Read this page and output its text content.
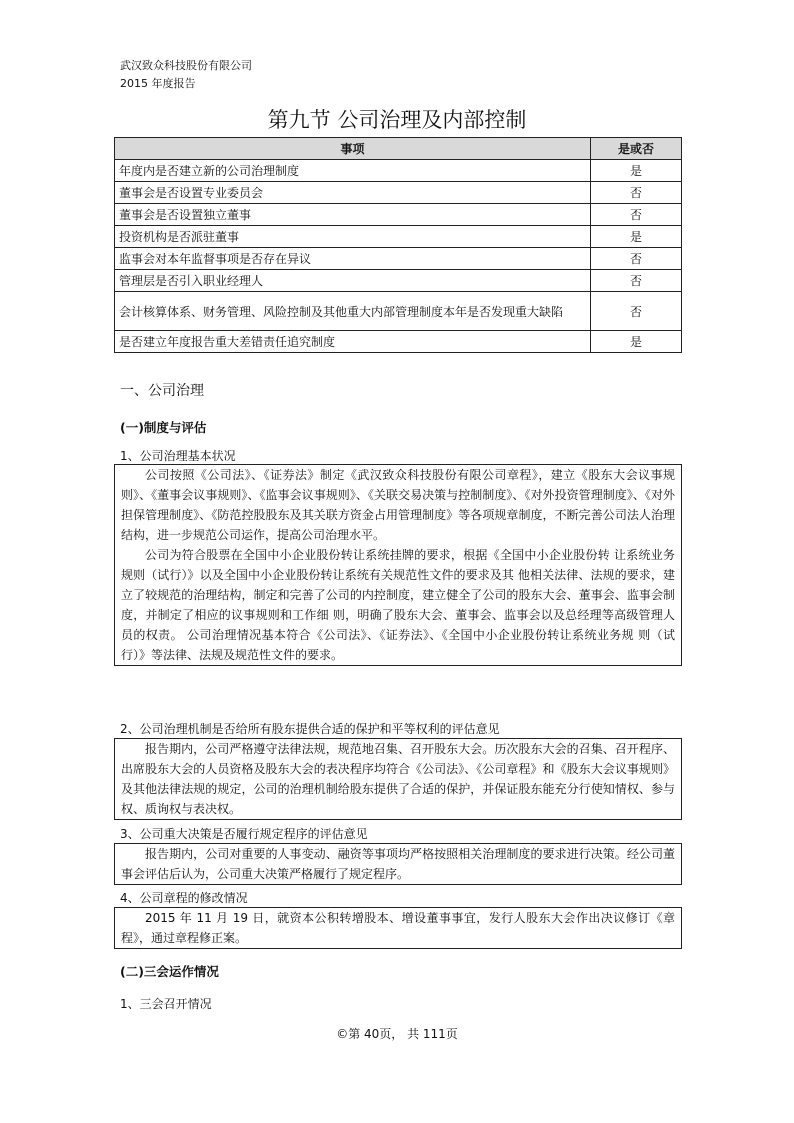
武汉致众科技股份有限公司
2015 年度报告
第九节 公司治理及内部控制
事项	是或否
年度内是否建立新的公司治理制度	是
董事会是否设置专业委员会	否
董事会是否设置独立董事	否
投资机构是否派驻董事	是
监事会对本年监督事项是否存在异议	否
管理层是否引入职业经理人	否
会计核算体系、财务管理、风险控制及其他重大内部管理制度本年是否发现重大缺陷	否
是否建立年度报告重大差错责任追究制度	是
一、公司治理
(一)制度与评估
1、公司治理基本状况

公司按照《公司法》、《证券法》制定《武汉致众科技股份有限公司章程》，建立《股东大会议事规则》、《董事会议事规则》、《监事会议事规则》、《关联交易决策与控制制度》、《对外投资管理制度》、《对外担保管理制度》、《防范控股股东及其关联方资金占用管理制度》等各项规章制度，不断完善公司法人治理结构，进一步规范公司运作，提高公司治理水平。

公司为符合股票在全国中小企业股份转让系统挂牌的要求，根据《全国中小企业股份转 让系统业务规则（试行）》以及全国中小企业股份转让系统有关规范性文件的要求及其 他相关法律、法规的要求，建立了较规范的治理结构，制定和完善了公司的内控制度，建立健全了公司的股东大会、董事会、监事会制度，并制定了相应的议事规则和工作细 则，明确了股东大会、董事会、监事会以及总经理等高级管理人员的权责。 公司治理情况基本符合《公司法》、《证券法》、《全国中小企业股份转让系统业务规 则（试行）》等法律、法规及规范性文件的要求。

2、公司治理机制是否给所有股东提供合适的保护和平等权利的评估意见

报告期内，公司严格遵守法律法规，规范地召集、召开股东大会。历次股东大会的召集、召开程序、出席股东大会的人员资格及股东大会的表决程序均符合《公司法》、《公司章程》和《股东大会议事规则》及其他法律法规的规定，公司的治理机制给股东提供了合适的保护，并保证股东能充分行使知情权、参与权、质询权与表决权。

3、公司重大决策是否履行规定程序的评估意见

报告期内，公司对重要的人事变动、融资等事项均严格按照相关治理制度的要求进行决策。经公司董事会评估后认为，公司重大决策严格履行了规定程序。

4、公司章程的修改情况

2015 年 11 月 19 日，就资本公积转增股本、增设董事事宜，发行人股东大会作出决议修订《章程》，通过章程修正案。

(二)三会运作情况
1、三会召开情况
©第 40页， 共 111页
